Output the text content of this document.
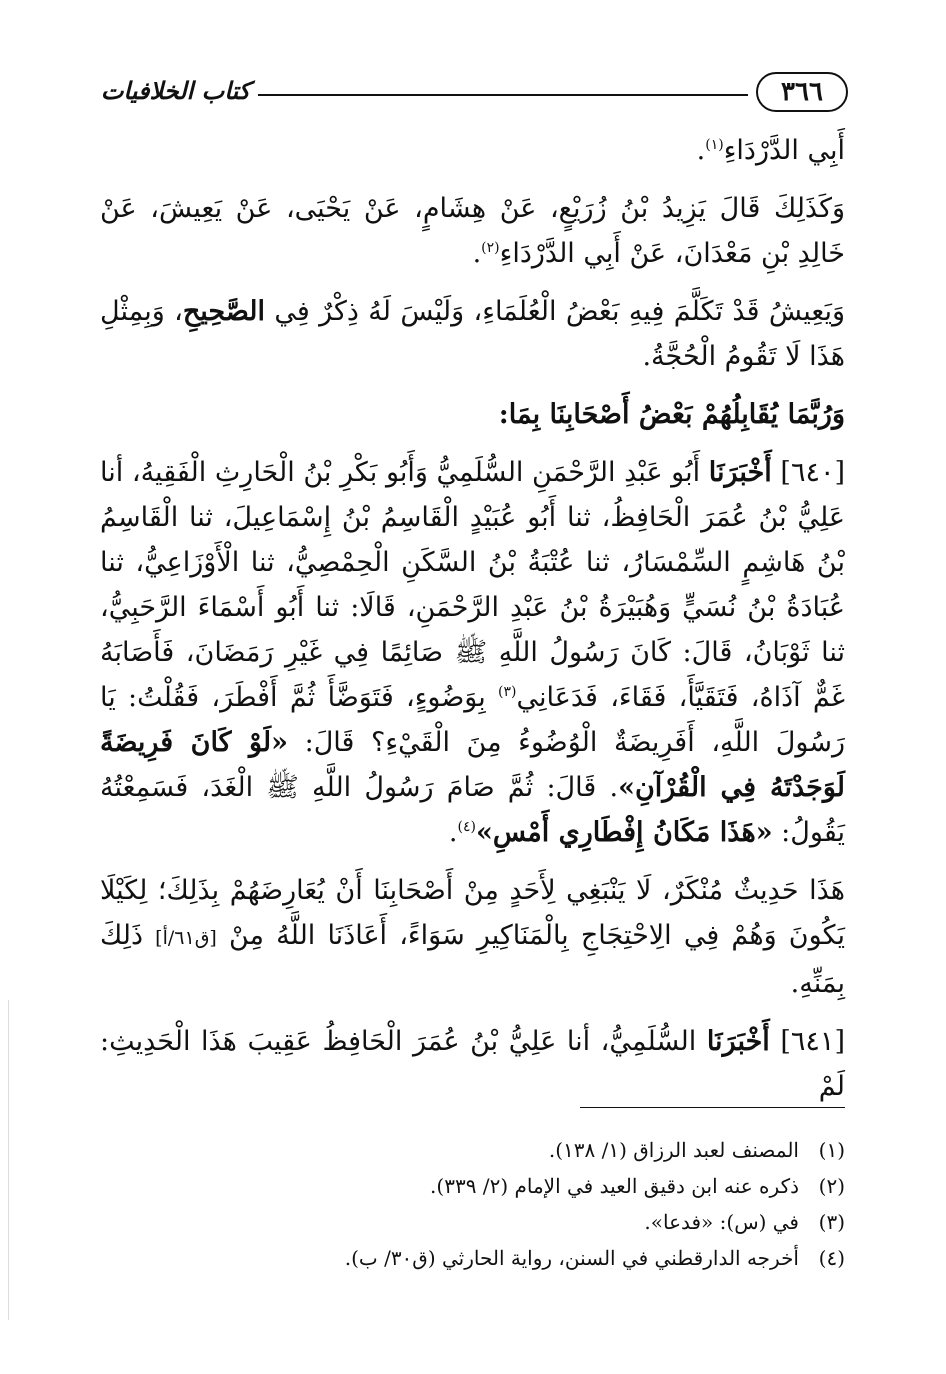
٣٦٦
كتاب الخلافيات

أَبِي الدَّرْدَاءِ$^{(١)}$.

وَكَذَلِكَ قَالَ يَزِيدُ بْنُ زُرَيْعٍ، عَنْ هِشَامٍ، عَنْ يَحْيَى، عَنْ يَعِيشَ، عَنْ خَالِدِ بْنِ مَعْدَانَ، عَنْ أَبِي الدَّرْدَاءِ$^{(٢)}$.

وَيَعِيشُ قَدْ تَكَلَّمَ فِيهِ بَعْضُ الْعُلَمَاءِ، وَلَيْسَ لَهُ ذِكْرٌ فِي الصَّحِيحِ، وَبِمِثْلِ هَذَا لَا تَقُومُ الْحُجَّةُ.

وَرُبَّمَا يُقَابِلُهُمْ بَعْضُ أَصْحَابِنَا بِمَا:

[٦٤٠] أَخْبَرَنَا أَبُو عَبْدِ الرَّحْمَنِ السُّلَمِيُّ وَأَبُو بَكْرِ بْنُ الْحَارِثِ الْفَقِيهُ، أنا عَلِيُّ بْنُ عُمَرَ الْحَافِظُ، ثنا أَبُو عُبَيْدٍ الْقَاسِمُ بْنُ إِسْمَاعِيلَ، ثنا الْقَاسِمُ بْنُ هَاشِمٍ السِّمْسَارُ، ثنا عُتْبَةُ بْنُ السَّكَنِ الْحِمْصِيُّ، ثنا الْأَوْزَاعِيُّ، ثنا عُبَادَةُ بْنُ نُسَيٍّ وَهُبَيْرَةُ بْنُ عَبْدِ الرَّحْمَنِ، قَالَا: ثنا أَبُو أَسْمَاءَ الرَّحَبِيُّ، ثنا ثَوْبَانُ، قَالَ: كَانَ رَسُولُ اللَّهِ ﷺ صَائِمًا فِي غَيْرِ رَمَضَانَ، فَأَصَابَهُ غَمٌّ آذَاهُ، فَتَقَيَّأَ، فَقَاءَ، فَدَعَانِي$^{(٣)}$ بِوَضُوءٍ، فَتَوَضَّأَ ثُمَّ أَفْطَرَ، فَقُلْتُ: يَا رَسُولَ اللَّهِ، أَفَرِيضَةٌ الْوُضُوءُ مِنَ الْقَيْءِ؟ قَالَ: «لَوْ كَانَ فَرِيضَةً لَوَجَدْتَهُ فِي الْقُرْآنِ». قَالَ: ثُمَّ صَامَ رَسُولُ اللَّهِ ﷺ الْغَدَ، فَسَمِعْتُهُ يَقُولُ: «هَذَا مَكَانُ إِفْطَارِي أَمْسِ»$^{(٤)}$.

هَذَا حَدِيثٌ مُنْكَرٌ، لَا يَنْبَغِي لِأَحَدٍ مِنْ أَصْحَابِنَا أَنْ يُعَارِضَهُمْ بِذَلِكَ؛ لِكَيْلَا يَكُونَ وَهُمْ فِي الِاحْتِجَاجِ بِالْمَنَاكِيرِ سَوَاءً، أَعَاذَنَا اللَّهُ مِنْ [ق٦١/أ] ذَلِكَ بِمَنِّهِ.

[٦٤١] أَخْبَرَنَا السُّلَمِيُّ، أنا عَلِيُّ بْنُ عُمَرَ الْحَافِظُ عَقِيبَ هَذَا الْحَدِيثِ: لَمْ

(١)المصنف لعبد الرزاق (١/ ١٣٨).

(٢)ذكره عنه ابن دقيق العيد في الإمام (٢/ ٣٣٩).

(٣)في (س): «فدعا».

(٤)أخرجه الدارقطني في السنن، رواية الحارثي (ق٣٠/ ب).
